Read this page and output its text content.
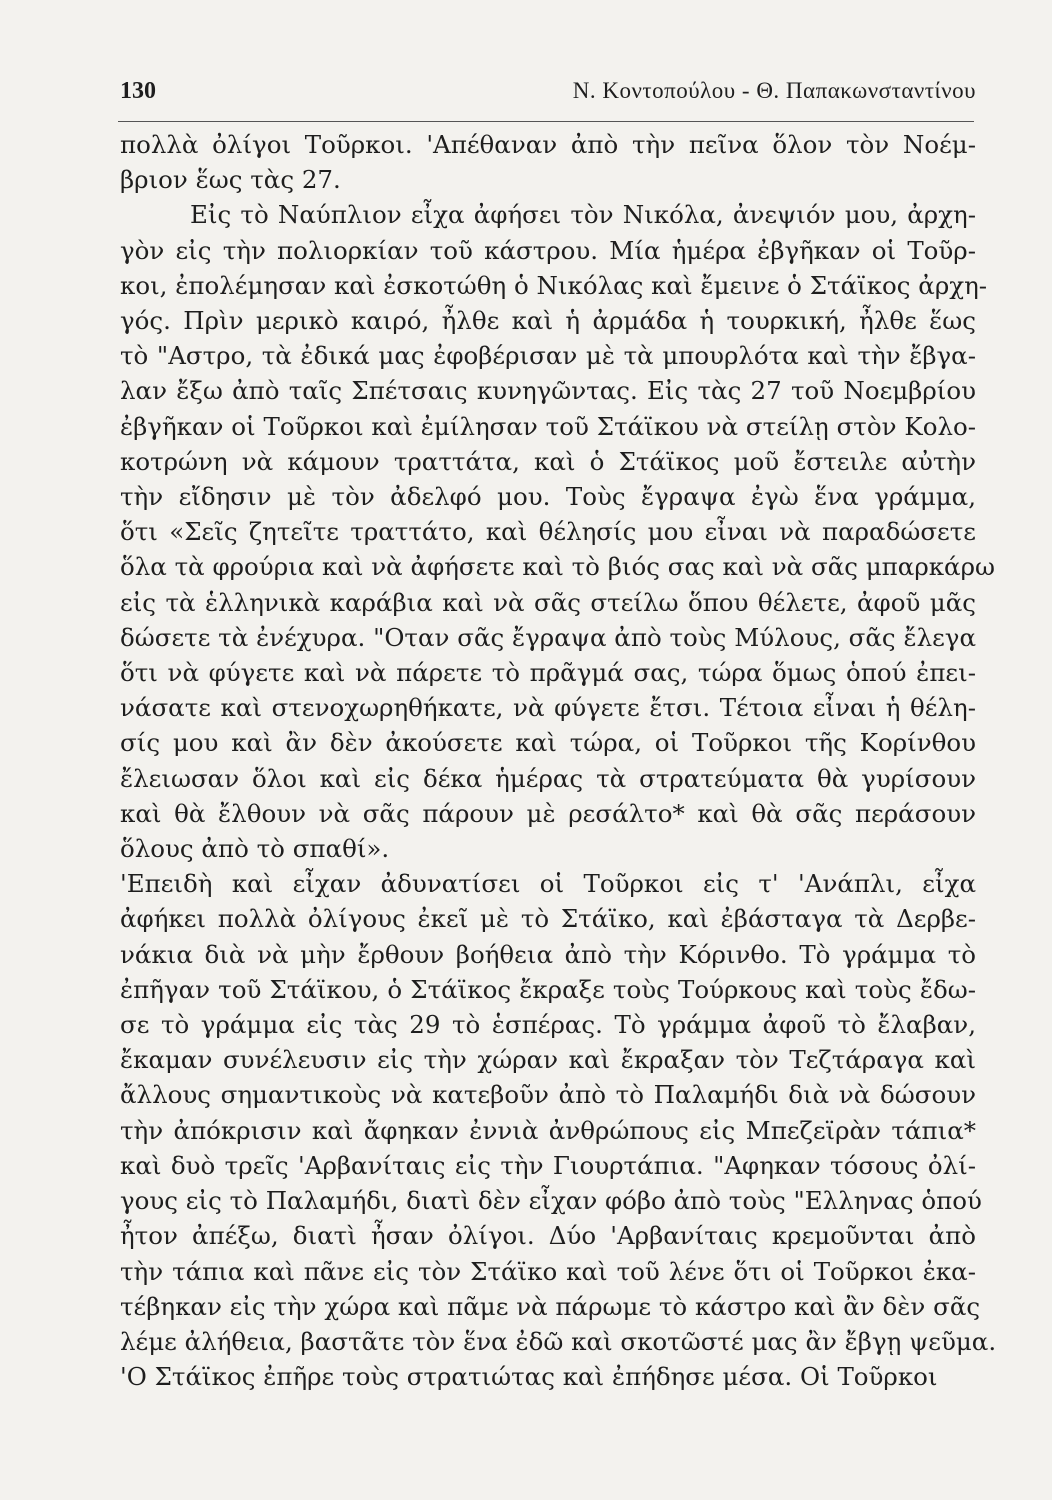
130	Ν. Κοντοπούλου - Θ. Παπακωνσταντίνου
πολλὰ ὀλίγοι Τοῦρκοι. 'Απέθαναν ἀπὸ τὴν πεῖνα ὅλον τὸν Νοέμ-
βριον ἕως τὰς 27.
Εἰς τὸ Ναύπλιον εἶχα ἀφήσει τὸν Νικόλα, ἀνεψιόν μου, ἀρχη-
γὸν εἰς τὴν πολιορκίαν τοῦ κάστρου. Μία ἡμέρα ἐβγῆκαν οἱ Τοῦρ-
κοι, ἐπολέμησαν καὶ ἐσκοτώθη ὁ Νικόλας καὶ ἔμεινε ὁ Στάϊκος ἀρχη-
γός. Πρὶν μερικὸ καιρό, ἦλθε καὶ ἡ ἀρμάδα ἡ τουρκική, ἦλθε ἕως
τὸ "Αστρο, τὰ ἐδικά μας ἐφοβέρισαν μὲ τὰ μπουρλότα καὶ τὴν ἔβγα-
λαν ἔξω ἀπὸ ταῖς Σπέτσαις κυνηγῶντας. Εἰς τὰς 27 τοῦ Νοεμβρίου
ἐβγῆκαν οἱ Τοῦρκοι καὶ ἐμίλησαν τοῦ Στάϊκου νὰ στείλῃ στὸν Κολο-
κοτρώνη νὰ κάμουν τραττάτα, καὶ ὁ Στάϊκος μοῦ ἔστειλε αὐτὴν
τὴν εἴδησιν μὲ τὸν ἀδελφό μου. Τοὺς ἔγραψα ἐγὼ ἕνα γράμμα,
ὅτι «Σεῖς ζητεῖτε τραττάτο, καὶ θέλησίς μου εἶναι νὰ παραδώσετε
ὅλα τὰ φρούρια καὶ νὰ ἀφήσετε καὶ τὸ βιός σας καὶ νὰ σᾶς μπαρκάρω
εἰς τὰ ἑλληνικὰ καράβια καὶ νὰ σᾶς στείλω ὅπου θέλετε, ἀφοῦ μᾶς
δώσετε τὰ ἐνέχυρα. "Οταν σᾶς ἔγραψα ἀπὸ τοὺς Μύλους, σᾶς ἔλεγα
ὅτι νὰ φύγετε καὶ νὰ πάρετε τὸ πρᾶγμά σας, τώρα ὅμως ὁπού ἐπει-
νάσατε καὶ στενοχωρηθήκατε, νὰ φύγετε ἔτσι. Τέτοια εἶναι ἡ θέλη-
σίς μου καὶ ἂν δὲν ἀκούσετε καὶ τώρα, οἱ Τοῦρκοι τῆς Κορίνθου
ἔλειωσαν ὅλοι καὶ εἰς δέκα ἡμέρας τὰ στρατεύματα θὰ γυρίσουν
καὶ θὰ ἔλθουν νὰ σᾶς πάρουν μὲ ρεσάλτο* καὶ θὰ σᾶς περάσουν
ὅλους ἀπὸ τὸ σπαθί».
'Επειδὴ καὶ εἶχαν ἀδυνατίσει οἱ Τοῦρκοι εἰς τ' 'Ανάπλι, εἶχα
ἀφήκει πολλὰ ὀλίγους ἐκεῖ μὲ τὸ Στάϊκο, καὶ ἐβάσταγα τὰ Δερβε-
νάκια διὰ νὰ μὴν ἔρθουν βοήθεια ἀπὸ τὴν Κόρινθο. Τὸ γράμμα τὸ
ἐπῆγαν τοῦ Στάϊκου, ὁ Στάϊκος ἔκραξε τοὺς Τούρκους καὶ τοὺς ἔδω-
σε τὸ γράμμα εἰς τὰς 29 τὸ ἑσπέρας. Τὸ γράμμα ἀφοῦ τὸ ἔλαβαν,
ἔκαμαν συνέλευσιν εἰς τὴν χώραν καὶ ἔκραξαν τὸν Τεζτάραγα καὶ
ἄλλους σημαντικοὺς νὰ κατεβοῦν ἀπὸ τὸ Παλαμήδι διὰ νὰ δώσουν
τὴν ἀπόκρισιν καὶ ἄφηκαν ἐννιὰ ἀνθρώπους εἰς Μπεζεϊρὰν τάπια*
καὶ δυὸ τρεῖς 'Αρβανίταις εἰς τὴν Γιουρτάπια. "Αφηκαν τόσους ὀλί-
γους εἰς τὸ Παλαμήδι, διατὶ δὲν εἶχαν φόβο ἀπὸ τοὺς "Ελληνας ὁπού
ἦτον ἀπέξω, διατὶ ἦσαν ὀλίγοι. Δύο 'Αρβανίταις κρεμοῦνται ἀπὸ
τὴν τάπια καὶ πᾶνε εἰς τὸν Στάϊκο καὶ τοῦ λένε ὅτι οἱ Τοῦρκοι ἐκα-
τέβηκαν εἰς τὴν χώρα καὶ πᾶμε νὰ πάρωμε τὸ κάστρο καὶ ἂν δὲν σᾶς
λέμε ἀλήθεια, βαστᾶτε τὸν ἕνα ἐδῶ καὶ σκοτῶστέ μας ἂν ἔβγῃ ψεῦμα.
'Ο Στάϊκος ἐπῆρε τοὺς στρατιώτας καὶ ἐπήδησε μέσα. Οἱ Τοῦρκοι
